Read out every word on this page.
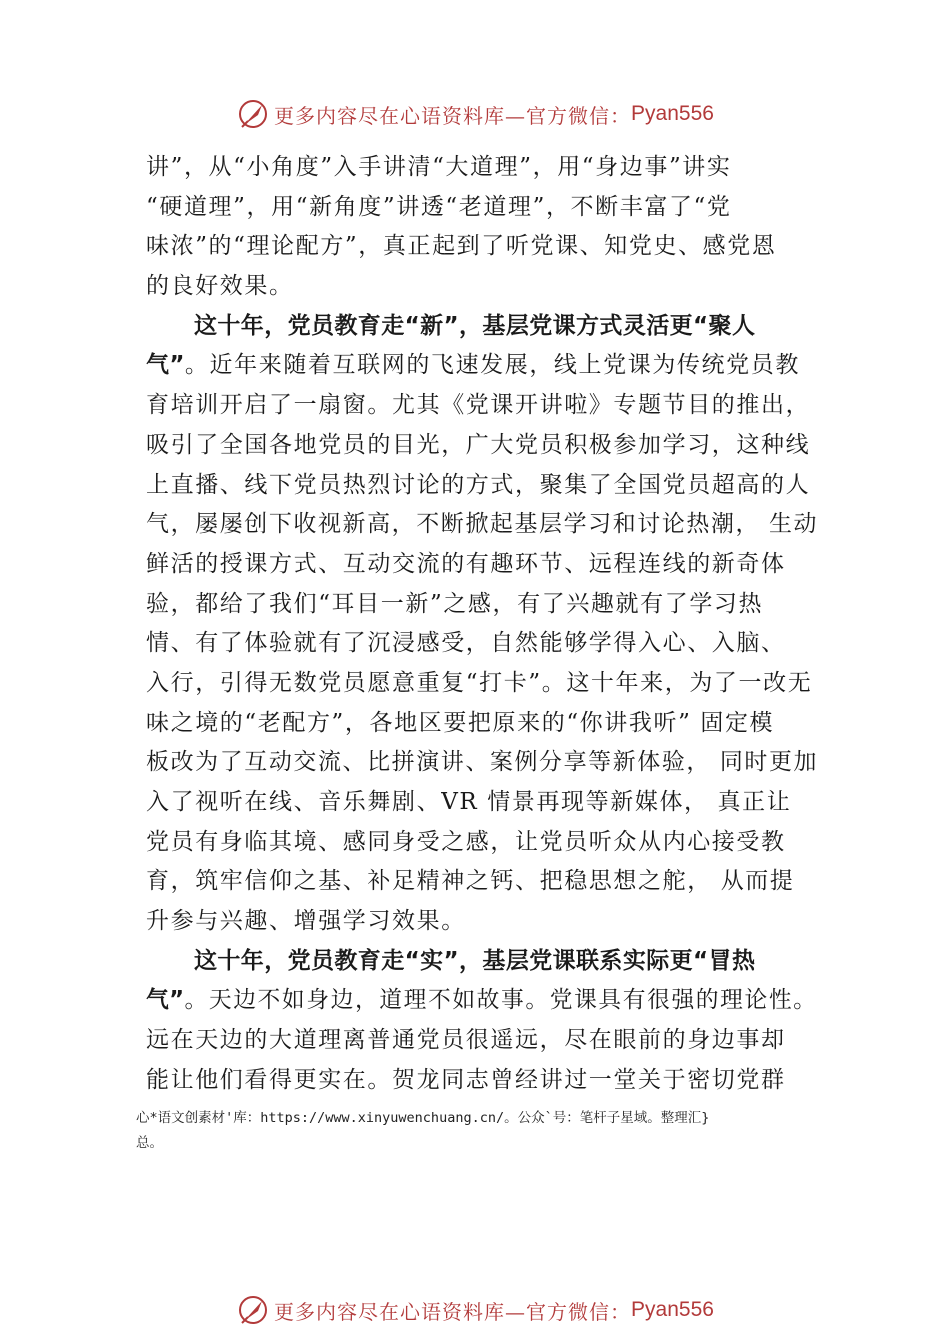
更多内容尽在心语资料库—官方微信： Pyan556
讲”，从“小角度”入手讲清“大道理”，用“身边事”讲实
“硬道理”，用“新角度”讲透“老道理”，不断丰富了“党
味浓”的“理论配方”，真正起到了听党课、知党史、感党恩
的良好效果。
这十年，党员教育走“新”，基层党课方式灵活更“聚人
气”。近年来随着互联网的飞速发展，线上党课为传统党员教
育培训开启了一扇窗。尤其《党课开讲啦》专题节目的推出，
吸引了全国各地党员的目光，广大党员积极参加学习，这种线
上直播、线下党员热烈讨论的方式，聚集了全国党员超高的人
气，屡屡创下收视新高，不断掀起基层学习和讨论热潮， 生动
鲜活的授课方式、互动交流的有趣环节、远程连线的新奇体
验，都给了我们“耳目一新”之感，有了兴趣就有了学习热
情、有了体验就有了沉浸感受，自然能够学得入心、入脑、
入行，引得无数党员愿意重复“打卡”。这十年来，为了一改无
味之境的“老配方”，各地区要把原来的“你讲我听” 固定模
板改为了互动交流、比拼演讲、案例分享等新体验， 同时更加
入了视听在线、音乐舞剧、VR 情景再现等新媒体， 真正让
党员有身临其境、感同身受之感，让党员听众从内心接受教
育，筑牢信仰之基、补足精神之钙、把稳思想之舵， 从而提
升参与兴趣、增强学习效果。
这十年，党员教育走“实”，基层党课联系实际更“冒热
气”。天边不如身边，道理不如故事。党课具有很强的理论性。
远在天边的大道理离普通党员很遥远，尽在眼前的身边事却
能让他们看得更实在。贺龙同志曾经讲过一堂关于密切党群
心*语文创素材'库：https://www.xinyuwenchuang.cn/。公众`号：笔杆子星域。整理汇}
总。
更多内容尽在心语资料库—官方微信： Pyan556
